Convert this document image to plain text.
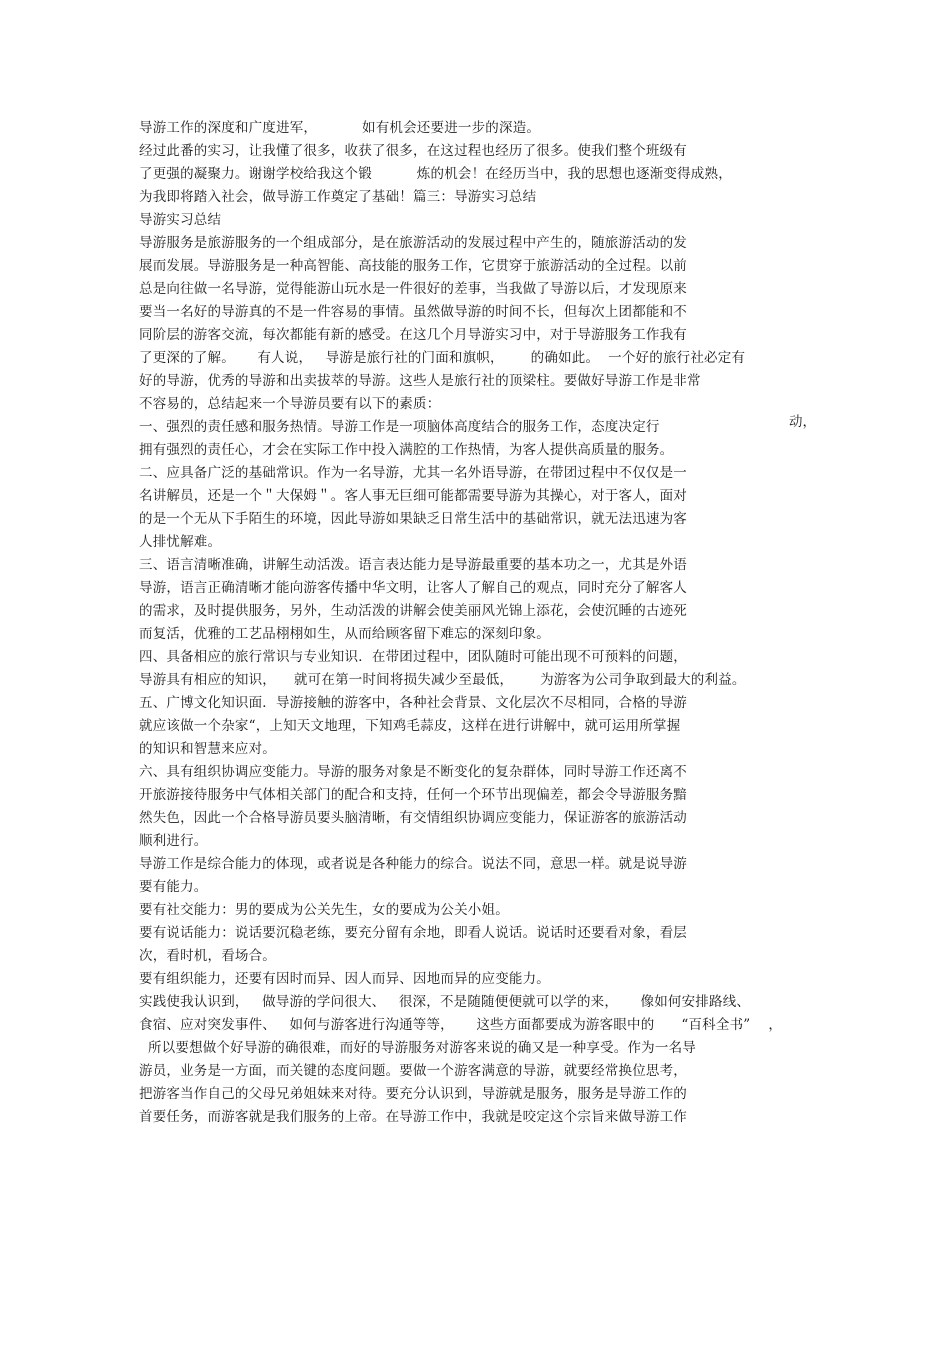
导游工作的深度和广度进军，          如有机会还要进一步的深造。
经过此番的实习，让我懂了很多，收获了很多，在这过程也经历了很多。使我们整个班级有
了更强的凝聚力。谢谢学校给我这个锻          炼的机会！在经历当中，我的思想也逐渐变得成熟，
为我即将踏入社会，做导游工作奠定了基础！篇三：导游实习总结
导游实习总结
导游服务是旅游服务的一个组成部分，是在旅游活动的发展过程中产生的，随旅游活动的发
展而发展。导游服务是一种高智能、高技能的服务工作，它贯穿于旅游活动的全过程。以前
总是向往做一名导游，觉得能游山玩水是一件很好的差事，当我做了导游以后，才发现原来
要当一名好的导游真的不是一件容易的事情。虽然做导游的时间不长，但每次上团都能和不
同阶层的游客交流，每次都能有新的感受。在这几个月导游实习中，对于导游服务工作我有
了更深的了解。     有人说，   导游是旅行社的门面和旗帜，      的确如此。  一个好的旅行社必定有
好的导游，优秀的导游和出卖拔萃的导游。这些人是旅行社的顶梁柱。要做好导游工作是非常
不容易的，总结起来一个导游员要有以下的素质：
一、强烈的责任感和服务热情。导游工作是一项脑体高度结合的服务工作，态度决定行
拥有强烈的责任心，才会在实际工作中投入满腔的工作热情，为客人提供高质量的服务。
二、应具备广泛的基础常识。作为一名导游，尤其一名外语导游，在带团过程中不仅仅是一
名讲解员，还是一个＂大保姆＂。客人事无巨细可能都需要导游为其操心，对于客人，面对
的是一个无从下手陌生的环境，因此导游如果缺乏日常生活中的基础常识，就无法迅速为客
人排忧解难。
三、语言清晰准确，讲解生动活泼。语言表达能力是导游最重要的基本功之一，尤其是外语
导游，语言正确清晰才能向游客传播中华文明，让客人了解自己的观点，同时充分了解客人
的需求，及时提供服务，另外，生动活泼的讲解会使美丽风光锦上添花，会使沉睡的古迹死
而复活，优雅的工艺品栩栩如生，从而给顾客留下难忘的深刻印象。
四、具备相应的旅行常识与专业知识．在带团过程中，团队随时可能出现不可预料的问题，
导游具有相应的知识，    就可在第一时间将损失减少至最低，      为游客为公司争取到最大的利益。
五、广博文化知识面．导游接触的游客中，各种社会背景、文化层次不尽相同，合格的导游
就应该做一个杂家“，上知天文地理，下知鸡毛蒜皮，这样在进行讲解中，就可运用所掌握
的知识和智慧来应对。
六、具有组织协调应变能力。导游的服务对象是不断变化的复杂群体，同时导游工作还离不
开旅游接待服务中气体相关部门的配合和支持，任何一个环节出现偏差，都会令导游服务黯
然失色，因此一个合格导游员要头脑清晰，有交情组织协调应变能力，保证游客的旅游活动
顺利进行。
导游工作是综合能力的体现，或者说是各种能力的综合。说法不同，意思一样。就是说导游
要有能力。
要有社交能力：男的要成为公关先生，女的要成为公关小姐。
要有说话能力：说话要沉稳老练，要充分留有余地，即看人说话。说话时还要看对象，看层
次，看时机，看场合。
要有组织能力，还要有因时而异、因人而异、因地而异的应变能力。
实践使我认识到，   做导游的学问很大、   很深，不是随随便便就可以学的来，     像如何安排路线、
食宿、应对突发事件、   如何与游客进行沟通等等，     这些方面都要成为游客眼中的      “百科全书”    ，
所以要想做个好导游的确很难，而好的导游服务对游客来说的确又是一种享受。作为一名导
游员，业务是一方面，而关键的态度问题。要做一个游客满意的导游，就要经常换位思考，
把游客当作自己的父母兄弟姐妹来对待。要充分认识到，导游就是服务，服务是导游工作的
首要任务，而游客就是我们服务的上帝。在导游工作中，我就是咬定这个宗旨来做导游工作
动，
